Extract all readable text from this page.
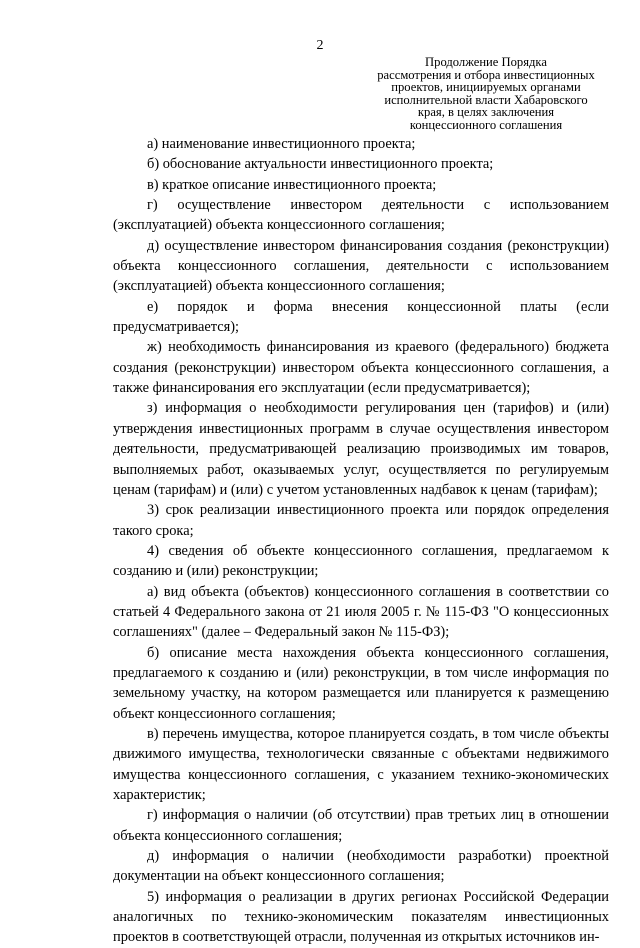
2
Продолжение Порядка
рассмотрения и отбора инвестиционных
проектов, инициируемых органами
исполнительной власти Хабаровского
края, в целях заключения
концессионного соглашения

а) наименование инвестиционного проекта;

б) обоснование актуальности инвестиционного проекта;

в) краткое описание инвестиционного проекта;

г) осуществление инвестором деятельности с использованием (эксплуатацией) объекта концессионного соглашения;

д) осуществление инвестором финансирования создания (реконструкции) объекта концессионного соглашения, деятельности с использованием (эксплуатацией) объекта концессионного соглашения;

е) порядок и форма внесения концессионной платы (если предусматривается);

ж) необходимость финансирования из краевого (федерального) бюджета создания (реконструкции) инвестором объекта концессионного соглашения, а также финансирования его эксплуатации (если предусматривается);

з) информация о необходимости регулирования цен (тарифов) и (или) утверждения инвестиционных программ в случае осуществления инвестором деятельности, предусматривающей реализацию производимых им товаров, выполняемых работ, оказываемых услуг, осуществляется по регулируемым ценам (тарифам) и (или) с учетом установленных надбавок к ценам (тарифам);

3) срок реализации инвестиционного проекта или порядок определения такого срока;

4) сведения об объекте концессионного соглашения, предлагаемом к созданию и (или) реконструкции;

а) вид объекта (объектов) концессионного соглашения в соответствии со статьей 4 Федерального закона от 21 июля 2005 г. № 115-ФЗ "О концессионных соглашениях" (далее – Федеральный закон № 115-ФЗ);

б) описание места нахождения объекта концессионного соглашения, предлагаемого к созданию и (или) реконструкции, в том числе информация по земельному участку, на котором размещается или планируется к размещению объект концессионного соглашения;

в) перечень имущества, которое планируется создать, в том числе объекты движимого имущества, технологически связанные с объектами недвижимого имущества концессионного соглашения, с указанием технико-экономических характеристик;

г) информация о наличии (об отсутствии) прав третьих лиц в отношении объекта концессионного соглашения;

д) информация о наличии (необходимости разработки) проектной документации на объект концессионного соглашения;

5) информация о реализации в других регионах Российской Федерации аналогичных по технико-экономическим показателям инвестиционных проектов в соответствующей отрасли, полученная из открытых источников ин-
